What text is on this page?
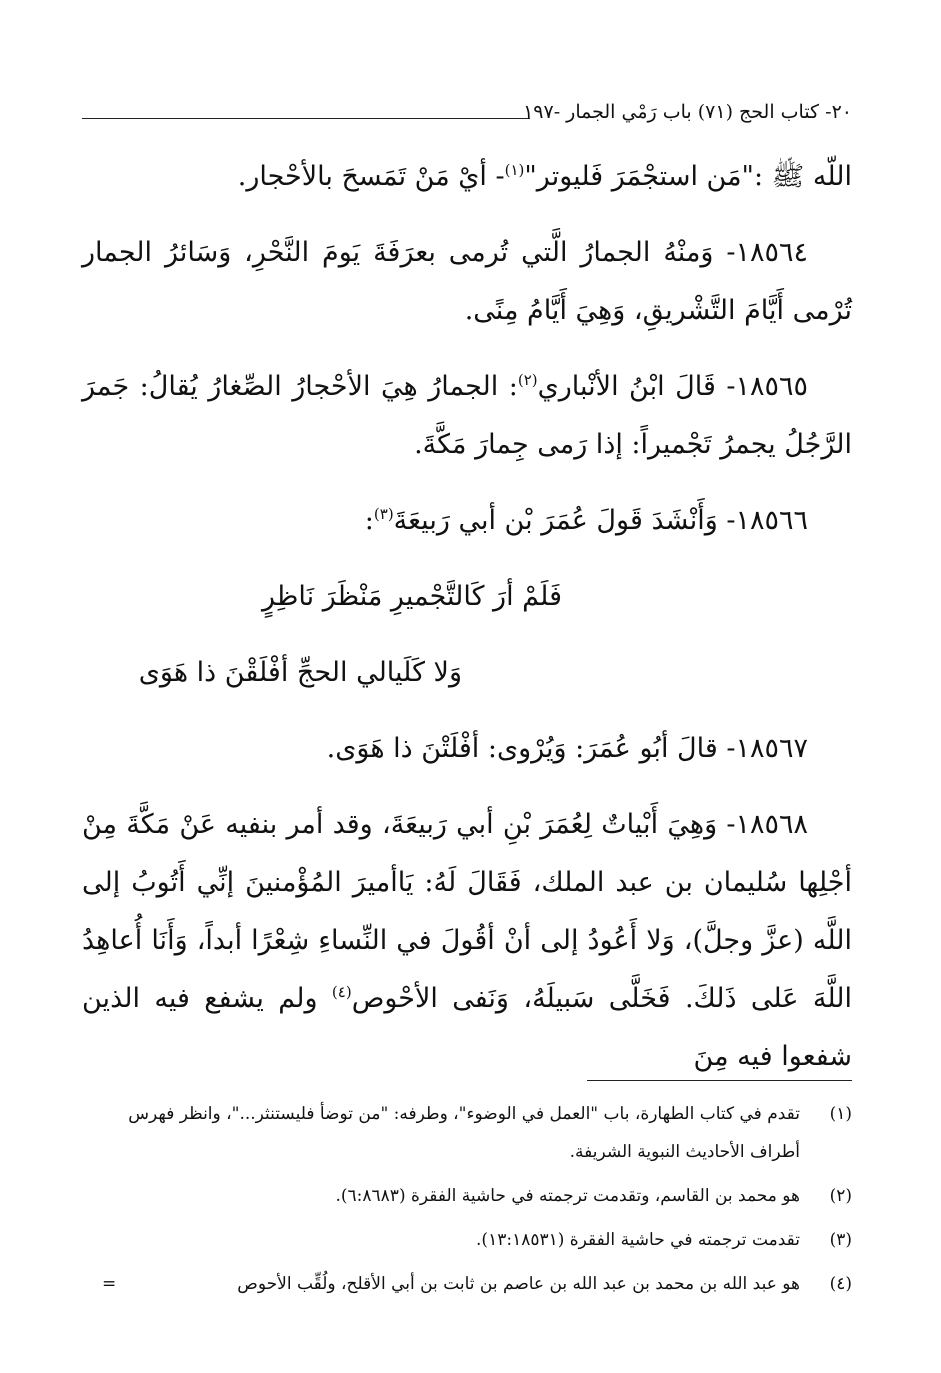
٢٠- كتاب الحج (٧١) باب رَمْي الجمار -١٩٧

اللّه ﷺ :"مَن استجْمَرَ فَليوتر"$^{(١)}$- أيْ مَنْ تَمَسحَ بالأحْجار.

١٨٥٦٤- وَمنْهُ الجمارُ الَّتي تُرمى بعرَفَةَ يَومَ النَّحْرِ، وَسَائرُ الجمار تُرْمى أَيَّامَ التَّشْريقِ، وَهِيَ أَيَّامُ مِنًى.

١٨٥٦٥- قَالَ ابْنُ الأنْباري$^{(٢)}$: الجمارُ هِيَ الأحْجارُ الصِّغارُ يُقالُ: جَمرَ الرَّجُلُ يجمرُ تَجْميراً: إذا رَمى جِمارَ مَكَّةَ.

١٨٥٦٦- وَأَنْشَدَ قَولَ عُمَرَ بْن أبي رَبيعَةَ$^{(٣)}$:

فَلَمْ أرَ كَالتَّجْميرِ مَنْظَرَ نَاظِرٍ

وَلا كَلَيالي الحجِّ أفْلَقْنَ ذا هَوَى

١٨٥٦٧- قالَ أبُو عُمَرَ: وَيُرْوى: أفْلَتْنَ ذا هَوَى.

١٨٥٦٨- وَهِيَ أَبْياتٌ لِعُمَرَ بْنِ أبي رَبيعَةَ، وقد أمر بنفيه عَنْ مَكَّةَ مِنْ أجْلِها سُليمان بن عبد الملك، فَقَالَ لَهُ: يَاأميرَ المُؤْمنينَ إنِّي أَتُوبُ إلى اللَّه (عزَّ وجلَّ)، وَلا أَعُودُ إلى أنْ أقُولَ في النِّساءِ شِعْرًا أبداً، وَأَنَا أُعاهِدُ اللَّهَ عَلى ذَلكَ. فَخَلَّى سَبيلَهُ، وَنَفى الأحْوص$^{(٤)}$ ولم يشفع فيه الذين شفعوا فيه مِنَ

(١)
تقدم في كتاب الطهارة، باب "العمل في الوضوء"، وطرفه: "من توضأ فليستنثر..."، وانظر فهرس أطراف الأحاديث النبوية الشريفة.
(٢)
هو محمد بن القاسم، وتقدمت ترجمته في حاشية الفقرة (٦:٨٦٨٣).
(٣)
تقدمت ترجمته في حاشية الفقرة (١٣:١٨٥٣١).
(٤)
هو عبد الله بن محمد بن عبد الله بن عاصم بن ثابت بن أبي الأقلح، ولُقِّب الأحوص
=
